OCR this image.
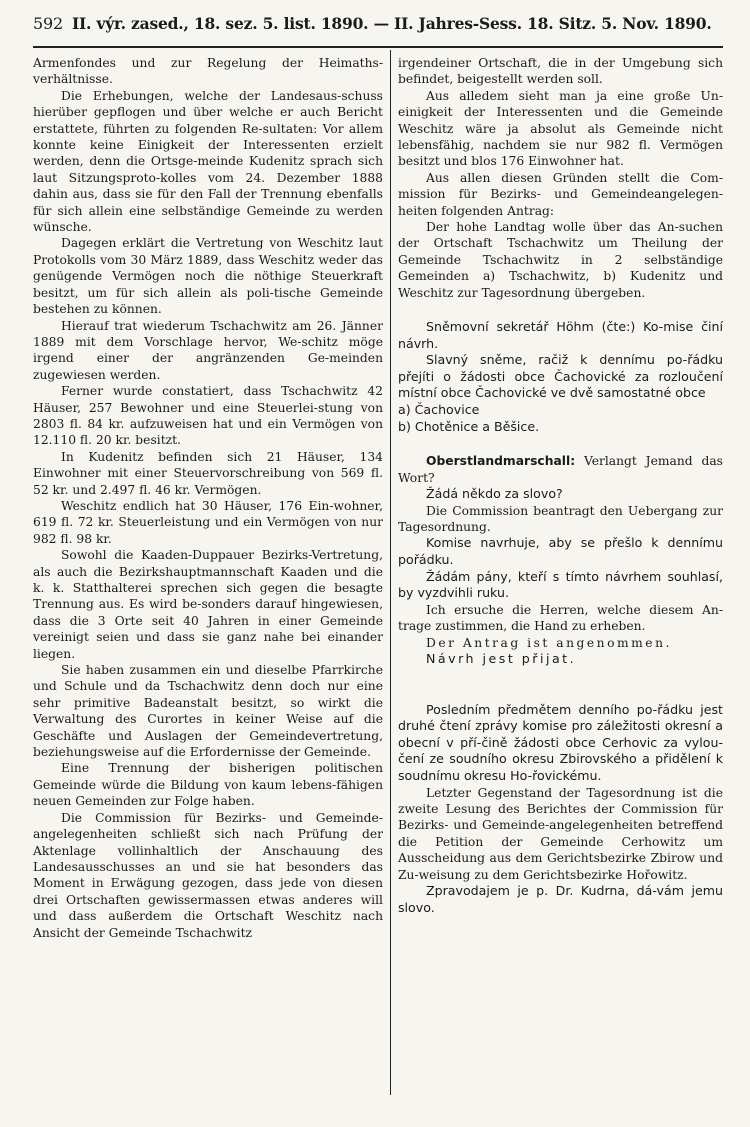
592 II. výr. zased., 18. sez. 5. list. 1890. — II. Jahres-Sess. 18. Sitz. 5. Nov. 1890.

Armenfondes und zur Regelung der Heimaths-verhältnisse.

Die Erhebungen, welche der Landesaus-schuss hierüber gepflogen und über welche er auch Bericht erstattete, führten zu folgenden Re-sultaten: Vor allem konnte keine Einigkeit der Interessenten erzielt werden, denn die Ortsge-meinde Kudenitz sprach sich laut Sitzungsproto-kolles vom 24. Dezember 1888 dahin aus, dass sie für den Fall der Trennung ebenfalls für sich allein eine selbständige Gemeinde zu werden wünsche.

Dagegen erklärt die Vertretung von Weschitz laut Protokolls vom 30 März 1889, dass Weschitz weder das genügende Vermögen noch die nöthige Steuerkraft besitzt, um für sich allein als poli-tische Gemeinde bestehen zu können.

Hierauf trat wiederum Tschachwitz am 26. Jänner 1889 mit dem Vorschlage hervor, We-schitz möge irgend einer der angränzenden Ge-meinden zugewiesen werden.

Ferner wurde constatiert, dass Tschachwitz 42 Häuser, 257 Bewohner und eine Steuerlei-stung von 2803 fl. 84 kr. aufzuweisen hat und ein Vermögen von 12.110 fl. 20 kr. besitzt.

In Kudenitz befinden sich 21 Häuser, 134 Einwohner mit einer Steuervorschreibung von 569 fl. 52 kr. und 2.497 fl. 46 kr. Vermögen.

Weschitz endlich hat 30 Häuser, 176 Ein-wohner, 619 fl. 72 kr. Steuerleistung und ein Vermögen von nur 982 fl. 98 kr.

Sowohl die Kaaden-Duppauer Bezirks-Vertretung, als auch die Bezirkshauptmannschaft Kaaden und die k. k. Statthalterei sprechen sich gegen die besagte Trennung aus. Es wird be-sonders darauf hingewiesen, dass die 3 Orte seit 40 Jahren in einer Gemeinde vereinigt seien und dass sie ganz nahe bei einander liegen.

Sie haben zusammen ein und dieselbe Pfarrkirche und Schule und da Tschachwitz denn doch nur eine sehr primitive Badeanstalt besitzt, so wirkt die Verwaltung des Curortes in keiner Weise auf die Geschäfte und Auslagen der Gemeindevertretung, beziehungsweise auf die Erfordernisse der Gemeinde.

Eine Trennung der bisherigen politischen Gemeinde würde die Bildung von kaum lebens-fähigen neuen Gemeinden zur Folge haben.

Die Commission für Bezirks- und Gemeinde-angelegenheiten schließt sich nach Prüfung der Aktenlage vollinhaltlich der Anschauung des Landesausschusses an und sie hat besonders das Moment in Erwägung gezogen, dass jede von diesen drei Ortschaften gewissermassen etwas anderes will und dass außerdem die Ortschaft Weschitz nach Ansicht der Gemeinde Tschachwitz

irgendeiner Ortschaft, die in der Umgebung sich befindet, beigestellt werden soll.

Aus alledem sieht man ja eine große Un-einigkeit der Interessenten und die Gemeinde Weschitz wäre ja absolut als Gemeinde nicht lebensfähig, nachdem sie nur 982 fl. Vermögen besitzt und blos 176 Einwohner hat.

Aus allen diesen Gründen stellt die Com-mission für Bezirks- und Gemeindeangelegen-heiten folgenden Antrag:

Der hohe Landtag wolle über das An-suchen der Ortschaft Tschachwitz um Theilung der Gemeinde Tschachwitz in 2 selbständige Gemeinden a) Tschachwitz, b) Kudenitz und Weschitz zur Tagesordnung übergeben.

Sněmovní sekretář Höhm (čte:) Ko-mise činí návrh.

Slavný sněme, račiž k dennímu po-řádku přejíti o žádosti obce Čachovické za rozloučení místní obce Čachovické ve dvě samostatné obce

a) Čachovice

b) Chotěnice a Běšice.

Oberstlandmarschall: Verlangt Jemand das Wort?

Žádá někdo za slovo?

Die Commission beantragt den Uebergang zur Tagesordnung.

Komise navrhuje, aby se přešlo k dennímu pořádku.

Žádám pány, kteří s tímto návrhem souhlasí, by vyzdvihli ruku.

Ich ersuche die Herren, welche diesem An-trage zustimmen, die Hand zu erheben.

Der Antrag ist angenommen.

Návrh jest přijat.

Posledním předmětem denního po-řádku jest druhé čtení zprávy komise pro záležitosti okresní a obecní v pří-čině žádosti obce Cerhovic za vylou-čení ze soudního okresu Zbirovského a přidělení k soudnímu okresu Ho-řovickému.

Letzter Gegenstand der Tagesordnung ist die zweite Lesung des Berichtes der Commission für Bezirks- und Gemeinde-angelegenheiten betreffend die Petition der Gemeinde Cerhowitz um Ausscheidung aus dem Gerichtsbezirke Zbirow und Zu-weisung zu dem Gerichtsbezirke Hořowitz.

Zpravodajem je p. Dr. Kudrna, dá-vám jemu slovo.
